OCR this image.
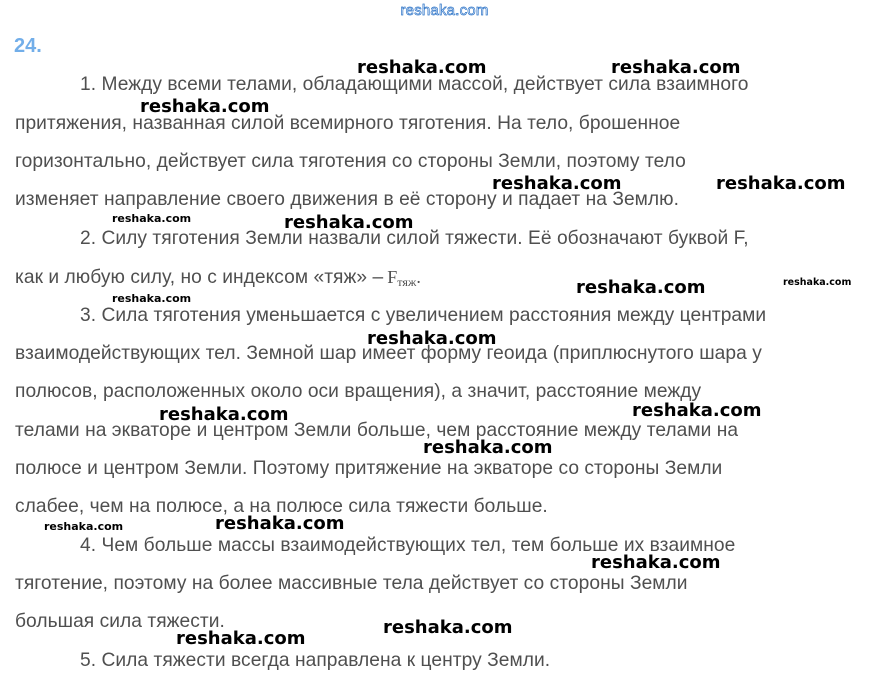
reshaka.com
24.

1. Между всеми телами, обладающими массой, действует сила взаимного

притяжения, названная силой всемирного тяготения. На тело, брошенное

горизонтально, действует сила тяготения со стороны Земли, поэтому тело

изменяет направление своего движения в её сторону и падает на Землю.

2. Силу тяготения Земли назвали силой тяжести. Её обозначают буквой F,

как и любую силу, но с индексом «тяж» – $F_{тяж}$.

3. Сила тяготения уменьшается с увеличением расстояния между центрами

взаимодействующих тел. Земной шар имеет форму геоида (приплюснутого шара у

полюсов, расположенных около оси вращения), а значит, расстояние между

телами на экваторе и центром Земли больше, чем расстояние между телами на

полюсе и центром Земли. Поэтому притяжение на экваторе со стороны Земли

слабее, чем на полюсе, а на полюсе сила тяжести больше.

4. Чем больше массы взаимодействующих тел, тем больше их взаимное

тяготение, поэтому на более массивные тела действует со стороны Земли

большая сила тяжести.

5. Сила тяжести всегда направлена к центру Земли.

reshaka.com	reshaka.com
reshaka.com
reshaka.com	reshaka.com
reshaka.com	reshaka.com
reshaka.com
reshaka.com
reshaka.com
reshaka.com
reshaka.com	reshaka.com
reshaka.com
reshaka.com	reshaka.com
reshaka.com
reshaka.com
reshaka.com
